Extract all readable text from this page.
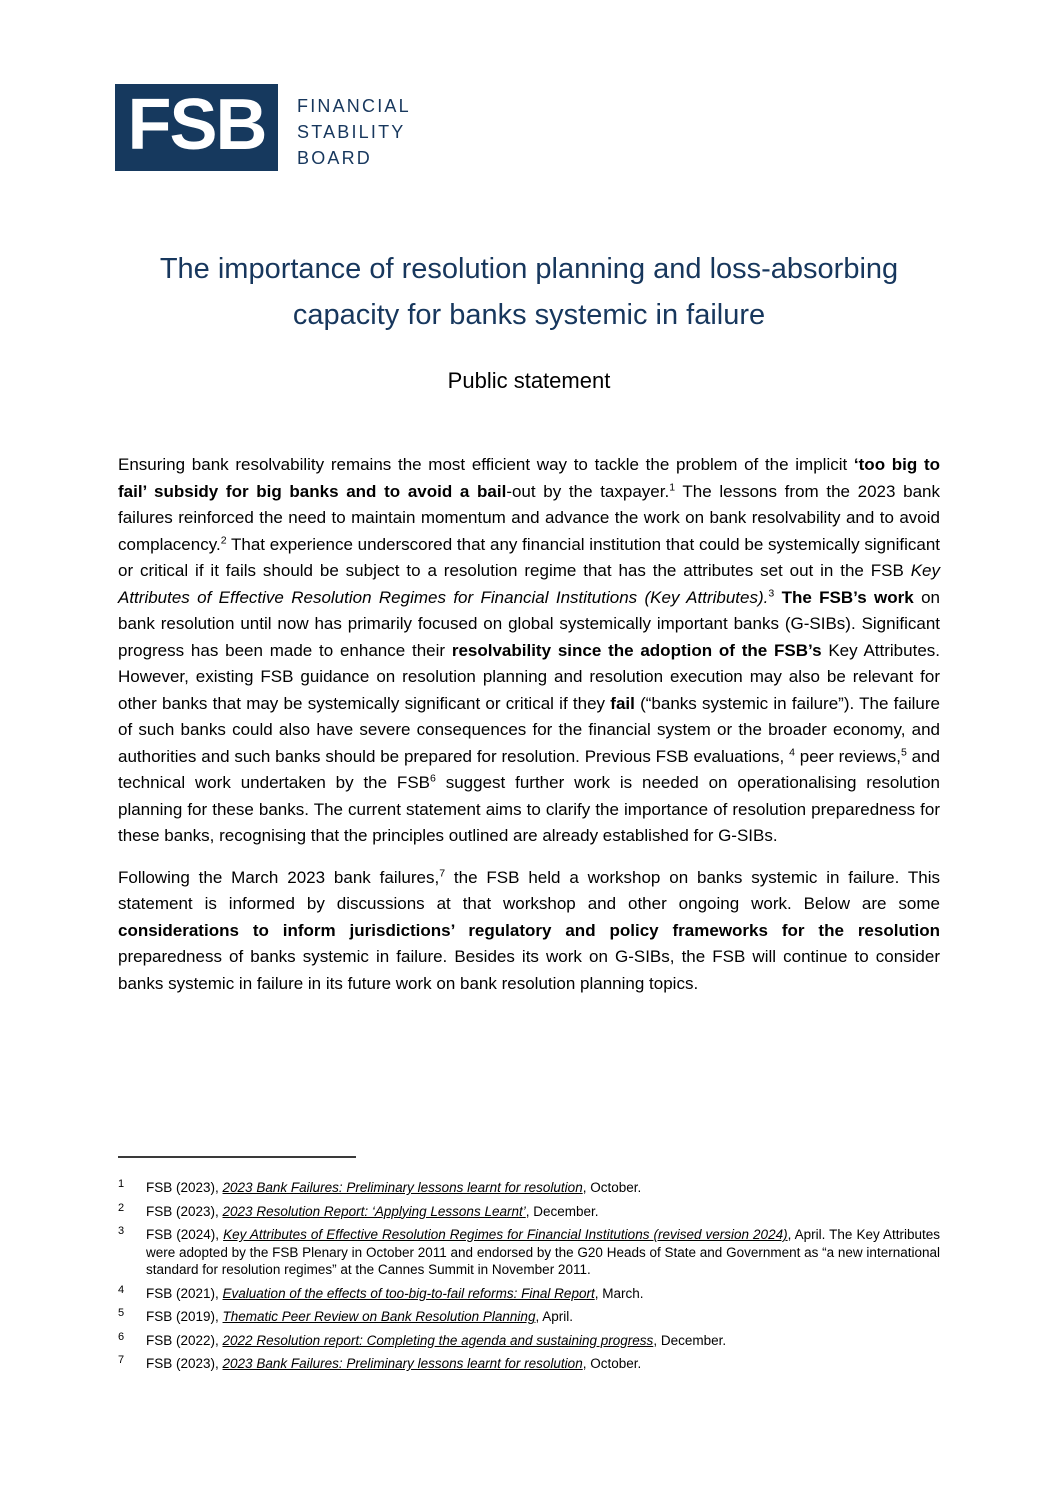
FSB FINANCIAL
STABILITY
BOARD
The importance of resolution planning and loss-absorbing
capacity for banks systemic in failure
Public statement

Ensuring bank resolvability remains the most efficient way to tackle the problem of the implicit ‘too big to fail’ subsidy for big banks and to avoid a bail-out by the taxpayer.$^1$ The lessons from the 2023 bank failures reinforced the need to maintain momentum and advance the work on bank resolvability and to avoid complacency.$^2$ That experience underscored that any financial institution that could be systemically significant or critical if it fails should be subject to a resolution regime that has the attributes set out in the FSB Key Attributes of Effective Resolution Regimes for Financial Institutions (Key Attributes).$^3$ The FSB’s work on bank resolution until now has primarily focused on global systemically important banks (G-SIBs). Significant progress has been made to enhance their resolvability since the adoption of the FSB’s Key Attributes. However, existing FSB guidance on resolution planning and resolution execution may also be relevant for other banks that may be systemically significant or critical if they fail (“banks systemic in failure”). The failure of such banks could also have severe consequences for the financial system or the broader economy, and authorities and such banks should be prepared for resolution. Previous FSB evaluations, $^4$ peer reviews,$^5$ and technical work undertaken by the FSB$^6$ suggest further work is needed on operationalising resolution planning for these banks. The current statement aims to clarify the importance of resolution preparedness for these banks, recognising that the principles outlined are already established for G-SIBs.

Following the March 2023 bank failures,$^7$ the FSB held a workshop on banks systemic in failure. This statement is informed by discussions at that workshop and other ongoing work. Below are some considerations to inform jurisdictions’ regulatory and policy frameworks for the resolution preparedness of banks systemic in failure. Besides its work on G-SIBs, the FSB will continue to consider banks systemic in failure in its future work on bank resolution planning topics.

1	FSB (2023), 2023 Bank Failures: Preliminary lessons learnt for resolution, October.
2	FSB (2023), 2023 Resolution Report: ‘Applying Lessons Learnt’, December.
3	FSB (2024), Key Attributes of Effective Resolution Regimes for Financial Institutions (revised version 2024), April. The Key Attributes were adopted by the FSB Plenary in October 2011 and endorsed by the G20 Heads of State and Government as “a new international standard for resolution regimes” at the Cannes Summit in November 2011.
4	FSB (2021), Evaluation of the effects of too-big-to-fail reforms: Final Report, March.
5	FSB (2019), Thematic Peer Review on Bank Resolution Planning, April.
6	FSB (2022), 2022 Resolution report: Completing the agenda and sustaining progress, December.
7	FSB (2023), 2023 Bank Failures: Preliminary lessons learnt for resolution, October.
